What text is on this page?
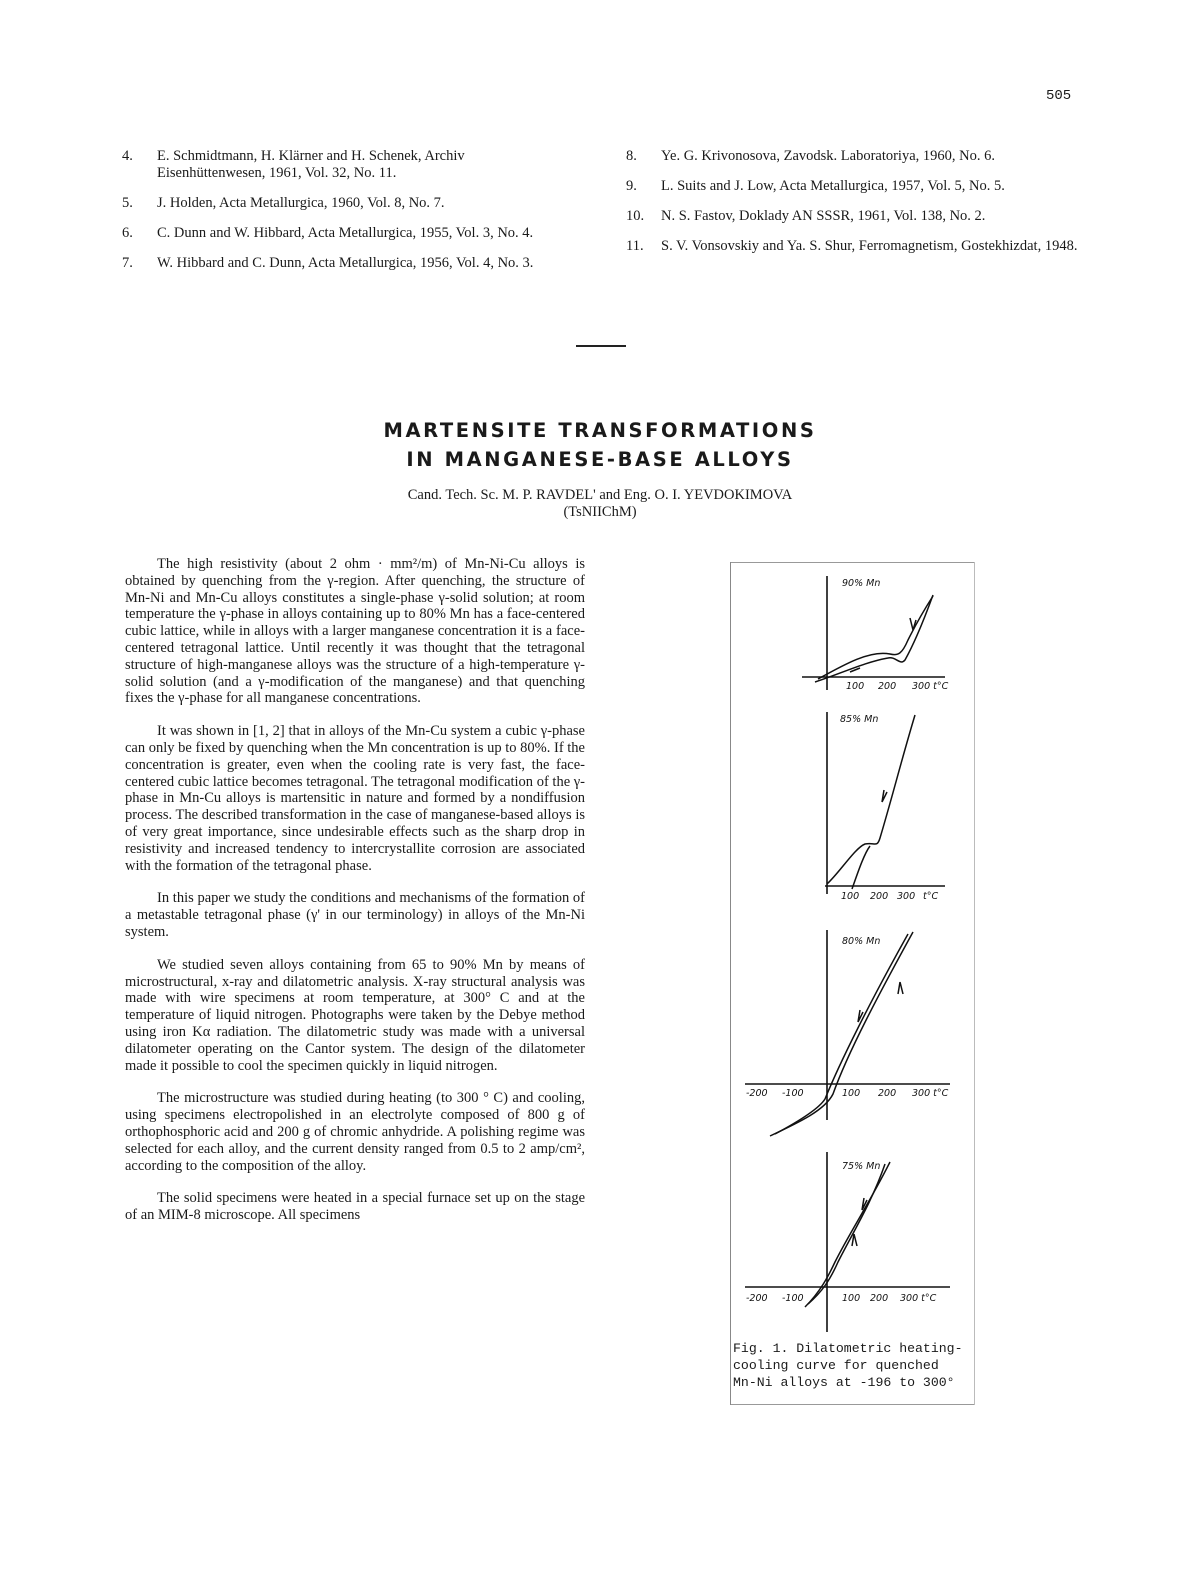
505
4.	E. Schmidtmann, H. Klärner and H. Schenek, Archiv Eisenhüttenwesen, 1961, Vol. 32, No. 11.
5.	J. Holden, Acta Metallurgica, 1960, Vol. 8, No. 7.
6.	C. Dunn and W. Hibbard, Acta Metallurgica, 1955, Vol. 3, No. 4.
7.	W. Hibbard and C. Dunn, Acta Metallurgica, 1956, Vol. 4, No. 3.
8.	Ye. G. Krivonosova, Zavodsk. Laboratoriya, 1960, No. 6.
9.	L. Suits and J. Low, Acta Metallurgica, 1957, Vol. 5, No. 5.
10.	N. S. Fastov, Doklady AN SSSR, 1961, Vol. 138, No. 2.
11.	S. V. Vonsovskiy and Ya. S. Shur, Ferromagnetism, Gostekhizdat, 1948.
MARTENSITE TRANSFORMATIONS
IN MANGANESE-BASE ALLOYS
Cand. Tech. Sc. M. P. RAVDEL' and Eng. O. I. YEVDOKIMOVA
(TsNIIChM)

The high resistivity (about 2 ohm · mm²/m) of Mn-Ni-Cu alloys is obtained by quenching from the γ-region. After quenching, the structure of Mn-Ni and Mn-Cu alloys constitutes a single-phase γ-solid solution; at room temperature the γ-phase in alloys containing up to 80% Mn has a face-centered cubic lattice, while in alloys with a larger manganese concentration it is a face-centered tetragonal lattice. Until recently it was thought that the tetragonal structure of high-manganese alloys was the structure of a high-temperature γ-solid solution (and a γ-modification of the manganese) and that quenching fixes the γ-phase for all manganese concentrations.

It was shown in [1, 2] that in alloys of the Mn-Cu system a cubic γ-phase can only be fixed by quenching when the Mn concentration is up to 80%. If the concentration is greater, even when the cooling rate is very fast, the face-centered cubic lattice becomes tetragonal. The tetragonal modification of the γ-phase in Mn-Cu alloys is martensitic in nature and formed by a nondiffusion process. The described transformation in the case of manganese-based alloys is of very great importance, since undesirable effects such as the sharp drop in resistivity and increased tendency to intercrystallite corrosion are associated with the formation of the tetragonal phase.

In this paper we study the conditions and mechanisms of the formation of a metastable tetragonal phase (γ' in our terminology) in alloys of the Mn-Ni system.

We studied seven alloys containing from 65 to 90% Mn by means of microstructural, x-ray and dilatometric analysis. X-ray structural analysis was made with wire specimens at room temperature, at 300° C and at the temperature of liquid nitrogen. Photographs were taken by the Debye method using iron Kα radiation. The dilatometric study was made with a universal dilatometer operating on the Cantor system. The design of the dilatometer made it possible to cool the specimen quickly in liquid nitrogen.

The microstructure was studied during heating (to 300 ° C) and cooling, using specimens electropolished in an electrolyte composed of 800 g of orthophosphoric acid and 200 g of chromic anhydride. A polishing regime was selected for each alloy, and the current density ranged from 0.5 to 2 amp/cm², according to the composition of the alloy.

The solid specimens were heated in a special furnace set up on the stage of an MIM-8 microscope. All specimens

90% Mn
100 200 300 t°C
85% Mn
100 200 300 t°C
80% Mn
-200 -100	100 200 300 t°C
75% Mn
-200 -100	100 200 300 t°C
Fig. 1. Dilatometric heating-
cooling curve for quenched
Mn-Ni alloys at -196 to 300°
